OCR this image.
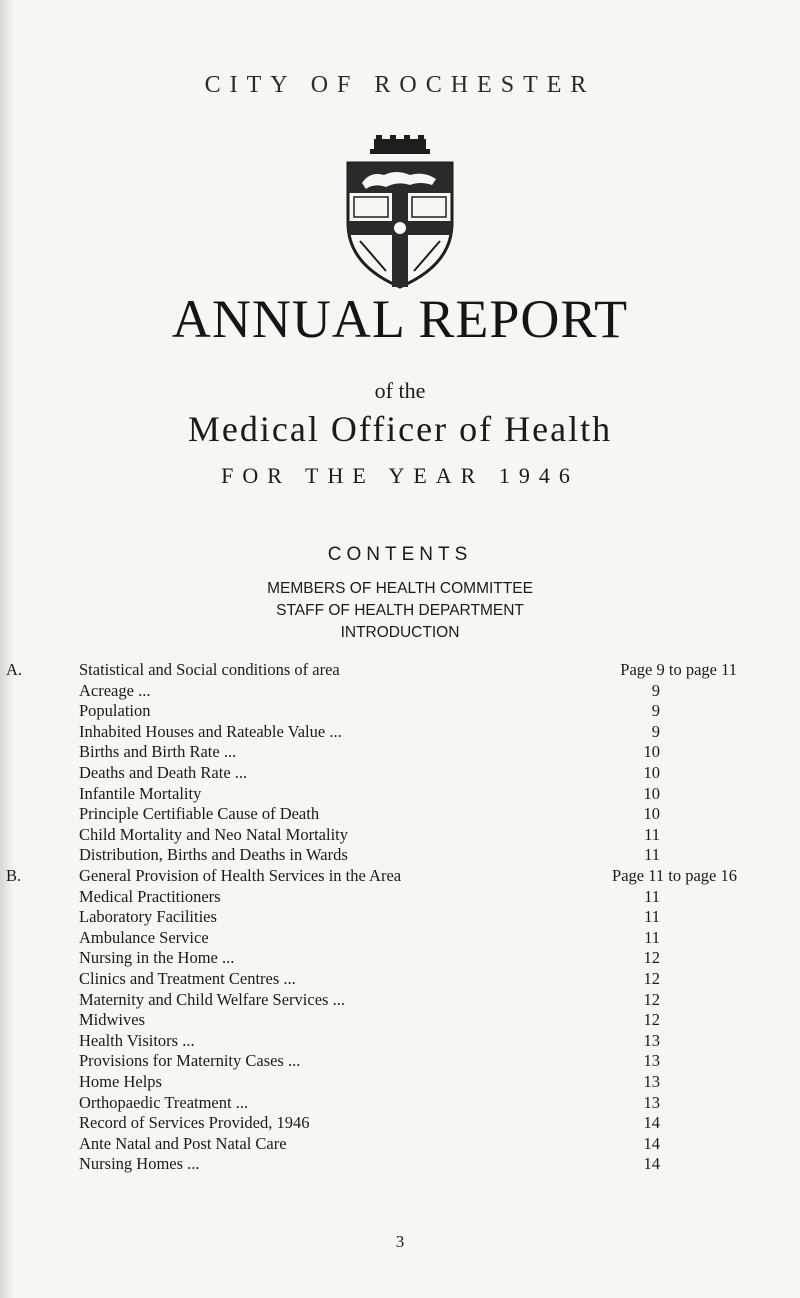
CITY OF ROCHESTER
ANNUAL REPORT
of the
Medical Officer of Health
FOR THE YEAR 1946
CONTENTS
MEMBERS OF HEALTH COMMITTEE
STAFF OF HEALTH DEPARTMENT
INTRODUCTION
A.	Statistical and Social conditions of area	Page 9 to page 11
Acreage ...	9
Population	9
Inhabited Houses and Rateable Value ...	9
Births and Birth Rate ...	10
Deaths and Death Rate ...	10
Infantile Mortality	10
Principle Certifiable Cause of Death	10
Child Mortality and Neo Natal Mortality	11
Distribution, Births and Deaths in Wards	11
B.	General Provision of Health Services in the Area	Page 11 to page 16
Medical Practitioners	11
Laboratory Facilities	11
Ambulance Service	11
Nursing in the Home ...	12
Clinics and Treatment Centres ...	12
Maternity and Child Welfare Services ...	12
Midwives	12
Health Visitors ...	13
Provisions for Maternity Cases ...	13
Home Helps	13
Orthopaedic Treatment ...	13
Record of Services Provided, 1946	14
Ante Natal and Post Natal Care	14
Nursing Homes ...	14
3
